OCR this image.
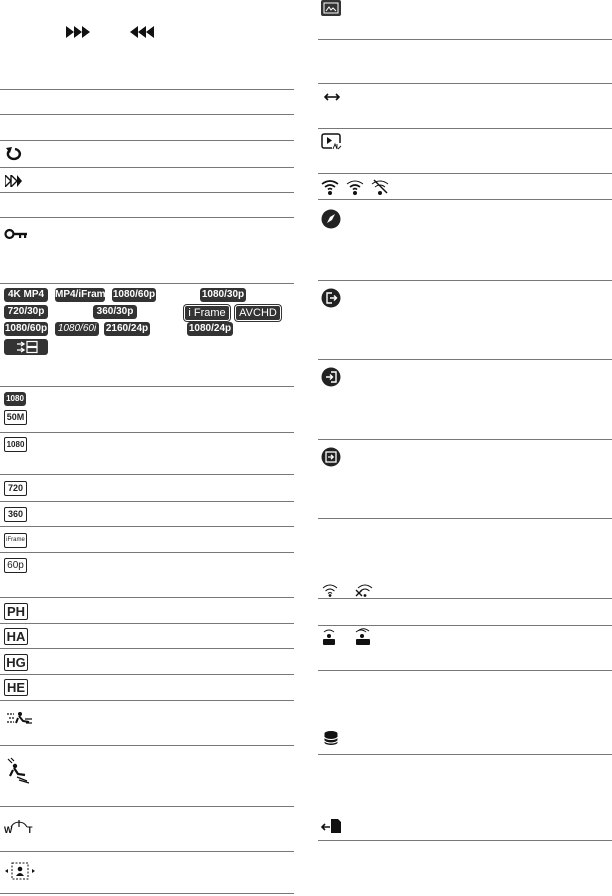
4K MP4	MP4/iFrame 1080/60p	1080/30p
720/30p	360/30p	i Frame	AVCHD
1080/60p 1080/60i 2160/24p	1080/24p
1080
50M
1080
720
360
iFrame
60p
PH
HA
HG
HE
W T
